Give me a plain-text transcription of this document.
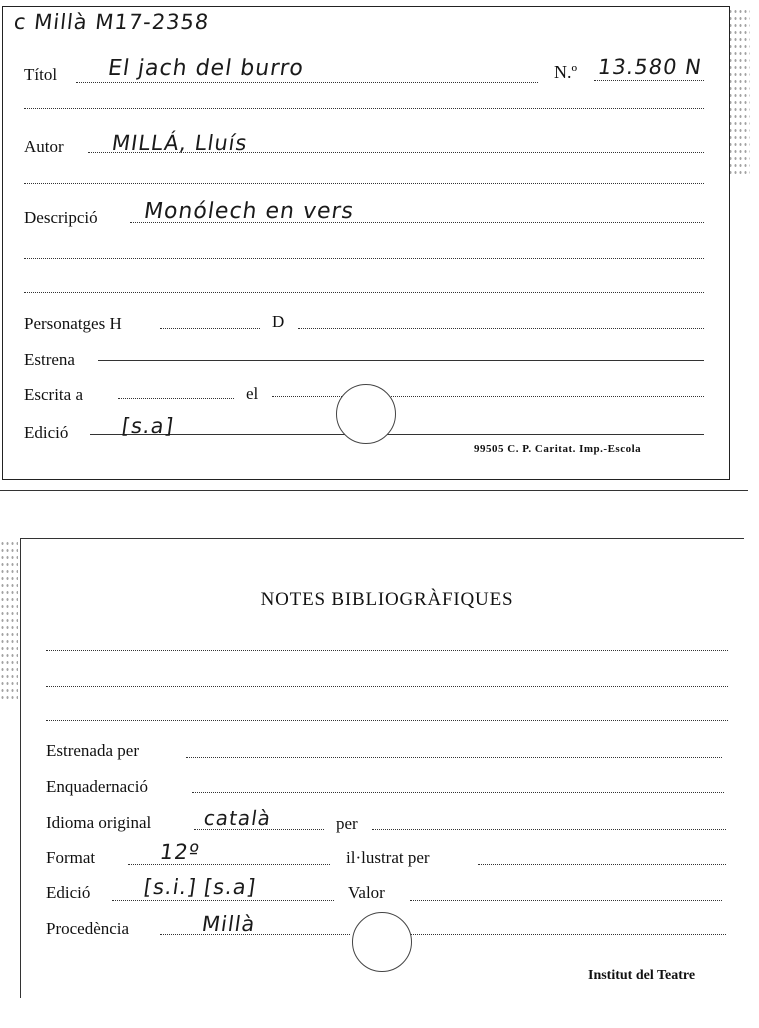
c Millà M17-2358
Títol El jach del burro	N.º 13.580 N
Autor MILLÁ, Lluís
Descripció Monólech en vers
Personatges H	D
Estrena
Escrita a	el
Edició [s.a]
99505 C. P. Caritat. Imp.-Escola
NOTES BIBLIOGRÀFIQUES
Estrenada per
Enquadernació
Idioma original	català	per
Format	12º	il·lustrat per
Edició [s.i.] [s.a]	Valor
Procedència	Millà
Institut del Teatre
